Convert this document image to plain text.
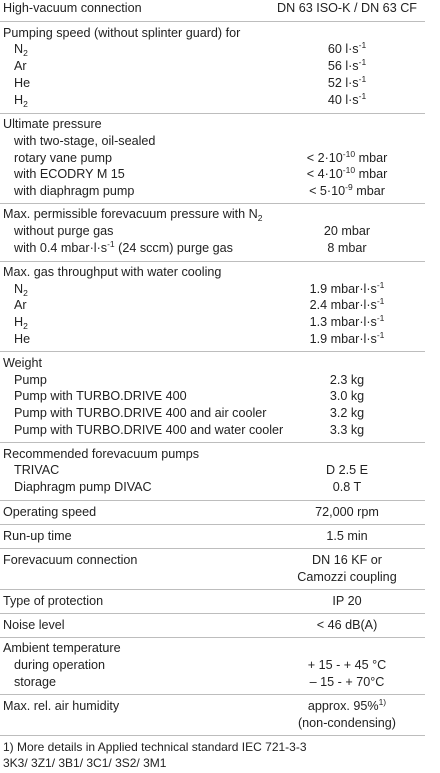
High-vacuum connection	DN 63 ISO-K / DN 63 CF
Pumping speed (without splinter guard) for
$N_2$	60 $l\cdot s^{-1}$
Ar	56 $l\cdot s^{-1}$
He	52 $l\cdot s^{-1}$
$H_2$	40 $l\cdot s^{-1}$
Ultimate pressure
with two-stage, oil-sealed
rotary vane pump	< $2\cdot 10^{-10}$ mbar
with ECODRY M 15	< $4\cdot 10^{-10}$ mbar
with diaphragm pump	< $5\cdot 10^{-9}$ mbar
Max. permissible forevacuum pressure with $N_2$
without purge gas	20 mbar
with 0.4 $mbar\cdot l\cdot s^{-1}$ (24 sccm) purge gas	8 mbar
Max. gas throughput with water cooling
$N_2$	1.9 $mbar\cdot l\cdot s^{-1}$
Ar	2.4 $mbar\cdot l\cdot s^{-1}$
$H_2$	1.3 $mbar\cdot l\cdot s^{-1}$
He	1.9 $mbar\cdot l\cdot s^{-1}$
Weight
Pump	2.3 kg
Pump with TURBO.DRIVE 400	3.0 kg
Pump with TURBO.DRIVE 400 and air cooler	3.2 kg
Pump with TURBO.DRIVE 400 and water cooler	3.3 kg
Recommended forevacuum pumps
TRIVAC	D 2.5 E
Diaphragm pump DIVAC	0.8 T
Operating speed	72,000 rpm
Run-up time	1.5 min
Forevacuum connection	DN 16 KF or
Camozzi coupling
Type of protection	IP 20
Noise level	< 46 dB(A)
Ambient temperature
during operation	+ 15 - + 45 °C
storage	– 15 - + 70°C
Max. rel. air humidity	approx. 95%$^{1)}$
(non-condensing)
1) More details in Applied technical standard IEC 721-3-3
3K3/ 3Z1/ 3B1/ 3C1/ 3S2/ 3M1
